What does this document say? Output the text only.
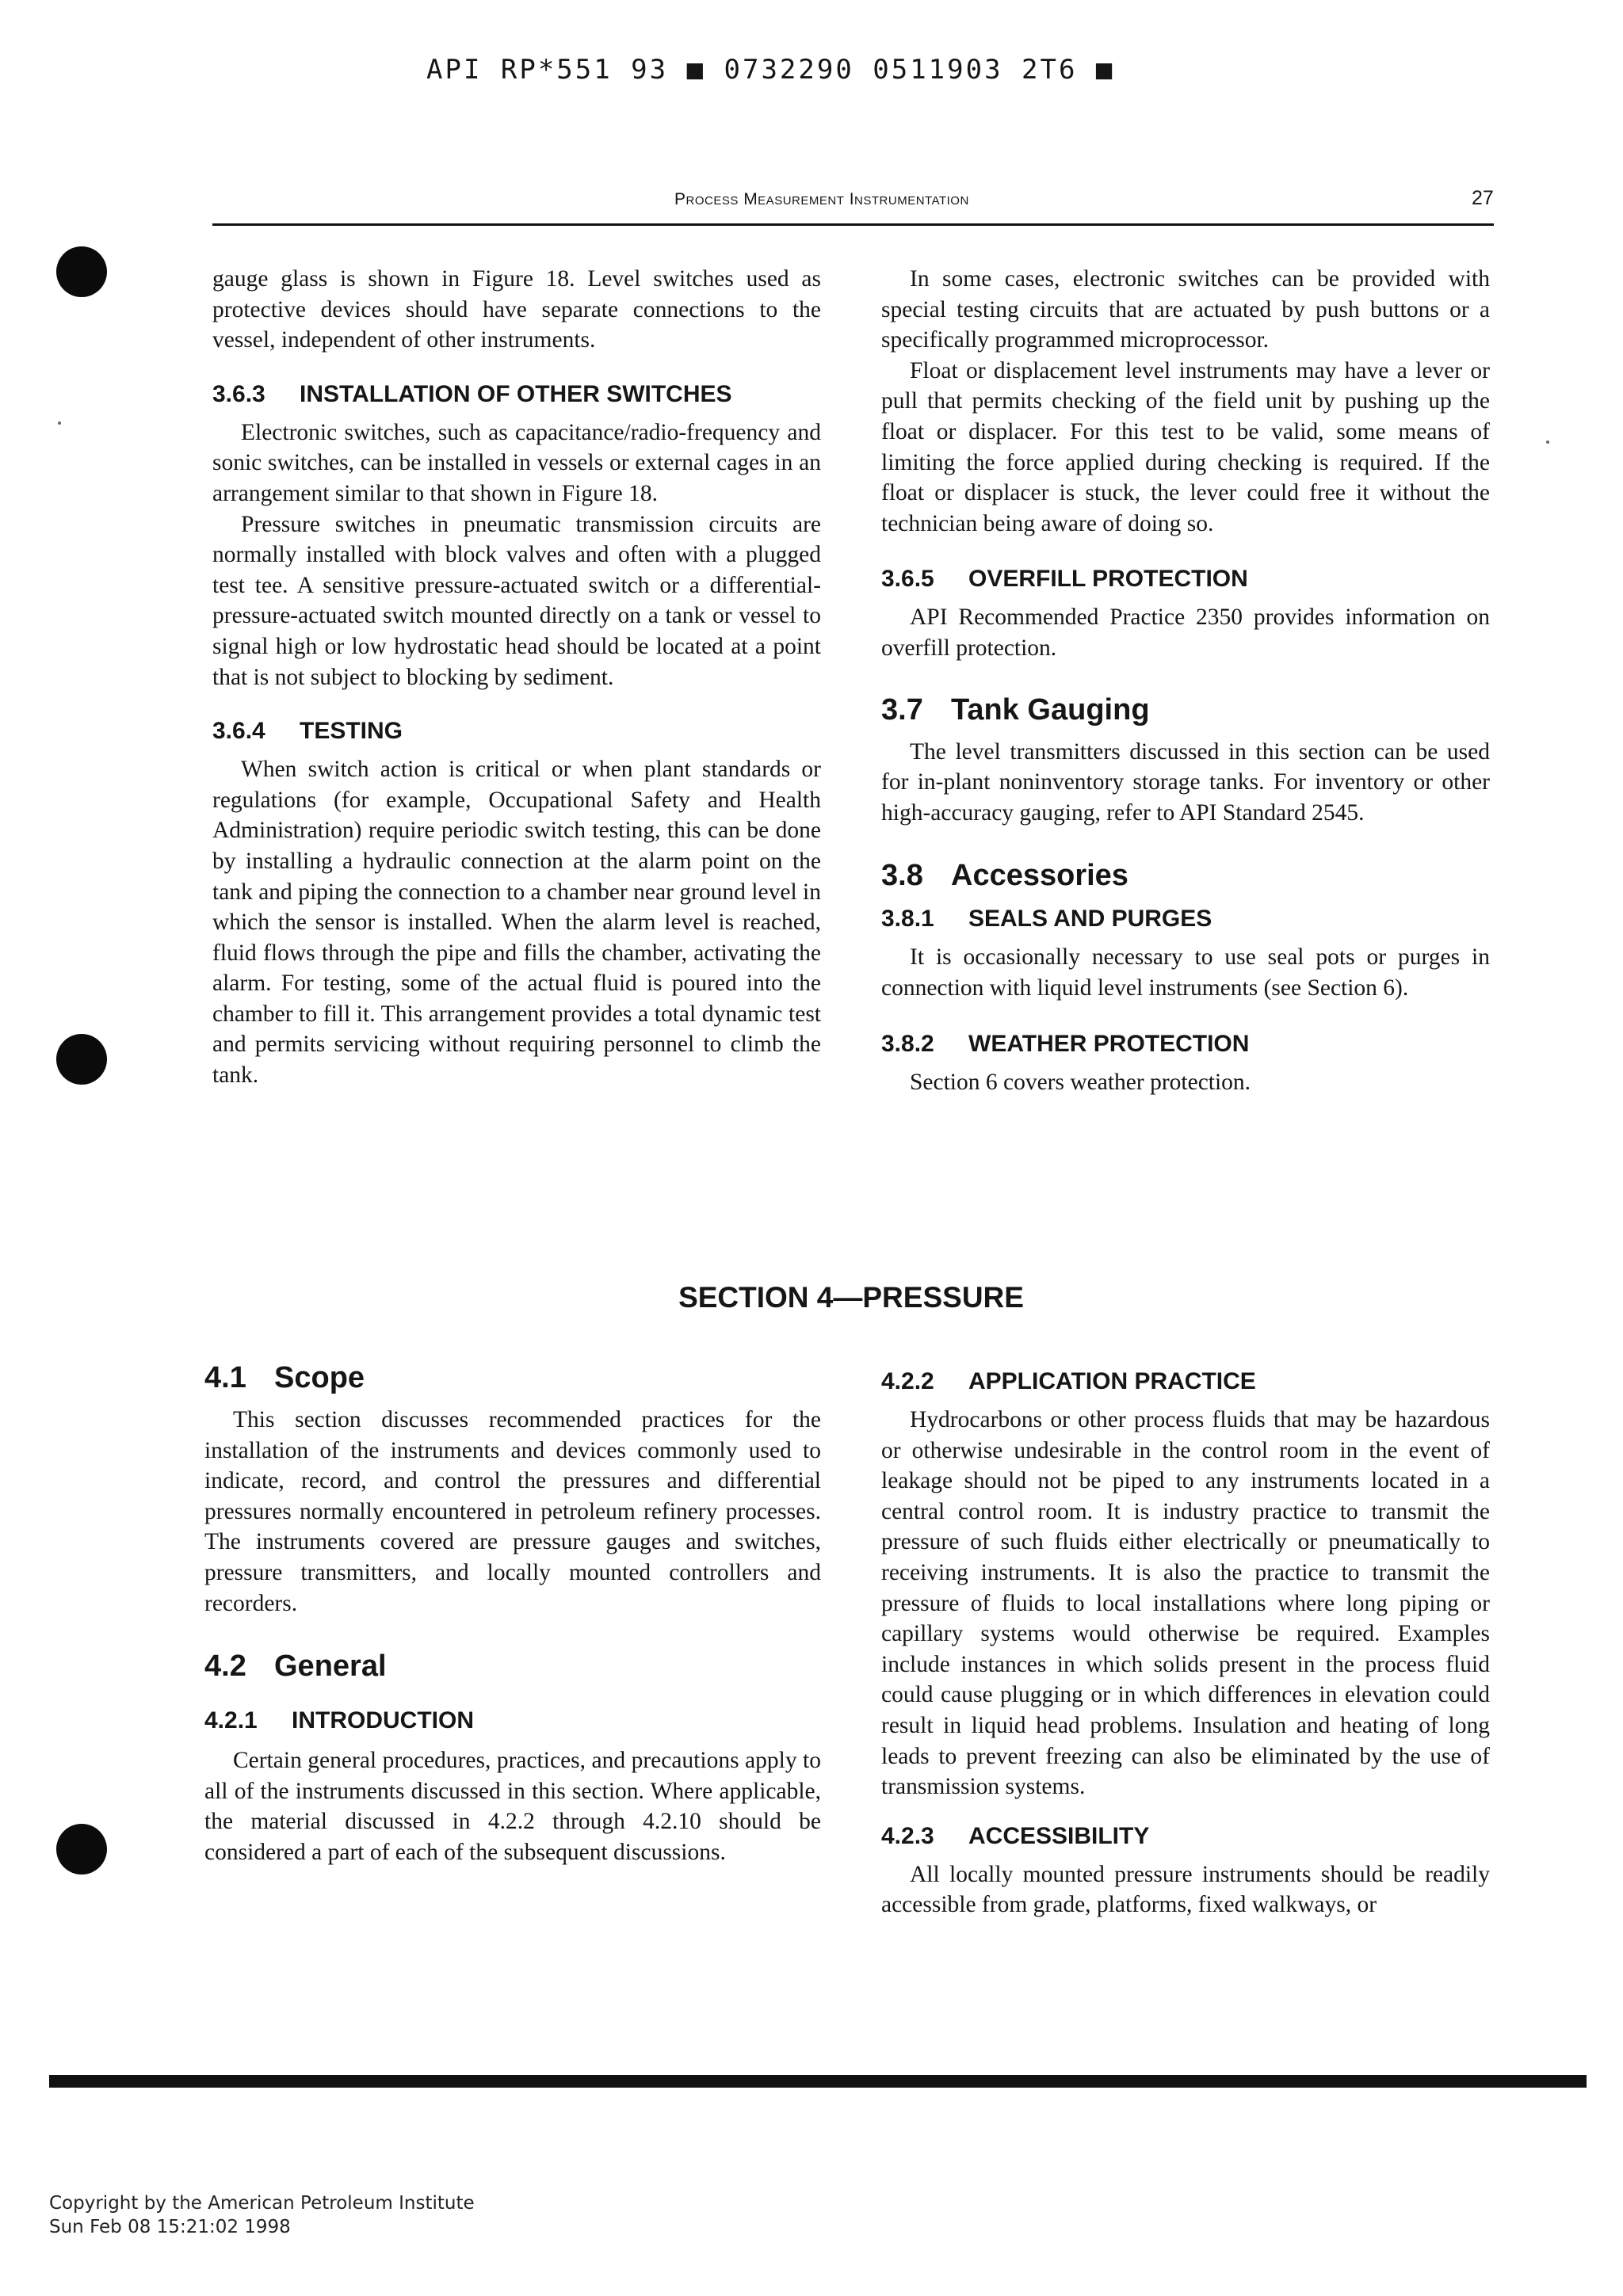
API RP*551 93 ■ 0732290 0511903 2T6 ■
Process Measurement Instrumentation	27

gauge glass is shown in Figure 18. Level switches used as protective devices should have separate connections to the vessel, independent of other instruments.

3.6.3 INSTALLATION OF OTHER SWITCHES

Electronic switches, such as capacitance/radio-frequency and sonic switches, can be installed in vessels or external cages in an arrangement similar to that shown in Figure 18.

Pressure switches in pneumatic transmission circuits are normally installed with block valves and often with a plugged test tee. A sensitive pressure-actuated switch or a differential-pressure-actuated switch mounted directly on a tank or vessel to signal high or low hydrostatic head should be located at a point that is not subject to blocking by sediment.

3.6.4 TESTING

When switch action is critical or when plant standards or regulations (for example, Occupational Safety and Health Administration) require periodic switch testing, this can be done by installing a hydraulic connection at the alarm point on the tank and piping the connection to a chamber near ground level in which the sensor is installed. When the alarm level is reached, fluid flows through the pipe and fills the chamber, activating the alarm. For testing, some of the actual fluid is poured into the chamber to fill it. This arrangement provides a total dynamic test and permits servicing without requiring personnel to climb the tank.

In some cases, electronic switches can be provided with special testing circuits that are actuated by push buttons or a specifically programmed microprocessor.

Float or displacement level instruments may have a lever or pull that permits checking of the field unit by pushing up the float or displacer. For this test to be valid, some means of limiting the force applied during checking is required. If the float or displacer is stuck, the lever could free it without the technician being aware of doing so.

3.6.5 OVERFILL PROTECTION

API Recommended Practice 2350 provides information on overfill protection.

3.7 Tank Gauging

The level transmitters discussed in this section can be used for in-plant noninventory storage tanks. For inventory or other high-accuracy gauging, refer to API Standard 2545.

3.8 Accessories
3.8.1 SEALS AND PURGES

It is occasionally necessary to use seal pots or purges in connection with liquid level instruments (see Section 6).

3.8.2 WEATHER PROTECTION

Section 6 covers weather protection.

SECTION 4—PRESSURE
4.1 Scope

This section discusses recommended practices for the installation of the instruments and devices commonly used to indicate, record, and control the pressures and differential pressures normally encountered in petroleum refinery processes. The instruments covered are pressure gauges and switches, pressure transmitters, and locally mounted controllers and recorders.

4.2 General
4.2.1 INTRODUCTION

Certain general procedures, practices, and precautions apply to all of the instruments discussed in this section. Where applicable, the material discussed in 4.2.2 through 4.2.10 should be considered a part of each of the subsequent discussions.

4.2.2 APPLICATION PRACTICE

Hydrocarbons or other process fluids that may be hazardous or otherwise undesirable in the control room in the event of leakage should not be piped to any instruments located in a central control room. It is industry practice to transmit the pressure of such fluids either electrically or pneumatically to receiving instruments. It is also the practice to transmit the pressure of fluids to local installations where long piping or capillary systems would otherwise be required. Examples include instances in which solids present in the process fluid could cause plugging or in which differences in elevation could result in liquid head problems. Insulation and heating of long leads to prevent freezing can also be eliminated by the use of transmission systems.

4.2.3 ACCESSIBILITY

All locally mounted pressure instruments should be readily accessible from grade, platforms, fixed walkways, or

Copyright by the American Petroleum Institute
Sun Feb 08 15:21:02 1998
